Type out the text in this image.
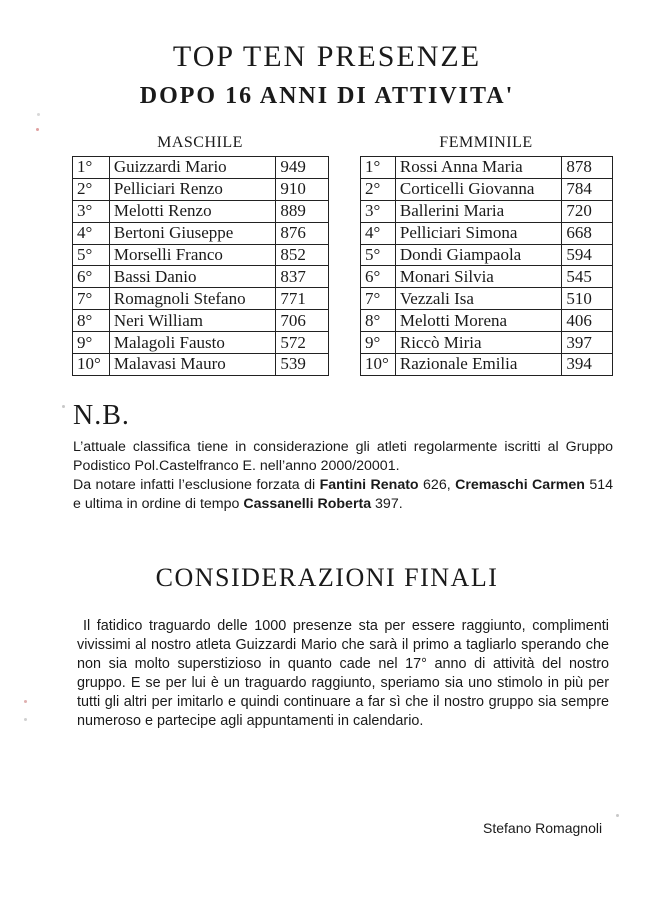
TOP TEN PRESENZE
DOPO 16 ANNI DI ATTIVITA'
MASCHILE	FEMMINILE
1°	Guizzardi Mario	949
2°	Pelliciari Renzo	910
3°	Melotti Renzo	889
4°	Bertoni Giuseppe	876
5°	Morselli Franco	852
6°	Bassi Danio	837
7°	Romagnoli Stefano	771
8°	Neri William	706
9°	Malagoli Fausto	572
10°	Malavasi Mauro	539
1°	Rossi Anna Maria	878
2°	Corticelli Giovanna	784
3°	Ballerini Maria	720
4°	Pelliciari Simona	668
5°	Dondi Giampaola	594
6°	Monari Silvia	545
7°	Vezzali Isa	510
8°	Melotti Morena	406
9°	Riccò Miria	397
10°	Razionale Emilia	394
N.B.

L’attuale classifica tiene in considerazione gli atleti regolarmente iscritti al Gruppo Podistico Pol.Castelfranco E. nell’anno 2000/20001.

Da notare infatti l’esclusione forzata di Fantini Renato 626, Cremaschi Carmen 514 e ultima in ordine di tempo Cassanelli Roberta 397.

CONSIDERAZIONI FINALI
Il fatidico traguardo delle 1000 presenze sta per essere raggiunto, complimenti vivissimi al nostro atleta Guizzardi Mario che sarà il primo a tagliarlo sperando che non sia molto superstizioso in quanto cade nel 17° anno di attività del nostro gruppo. E se per lui è un traguardo raggiunto, speriamo sia uno stimolo in più per tutti gli altri per imitarlo e quindi continuare a far sì che il nostro gruppo sia sempre numeroso e partecipe agli appuntamenti in calendario.
Stefano Romagnoli
